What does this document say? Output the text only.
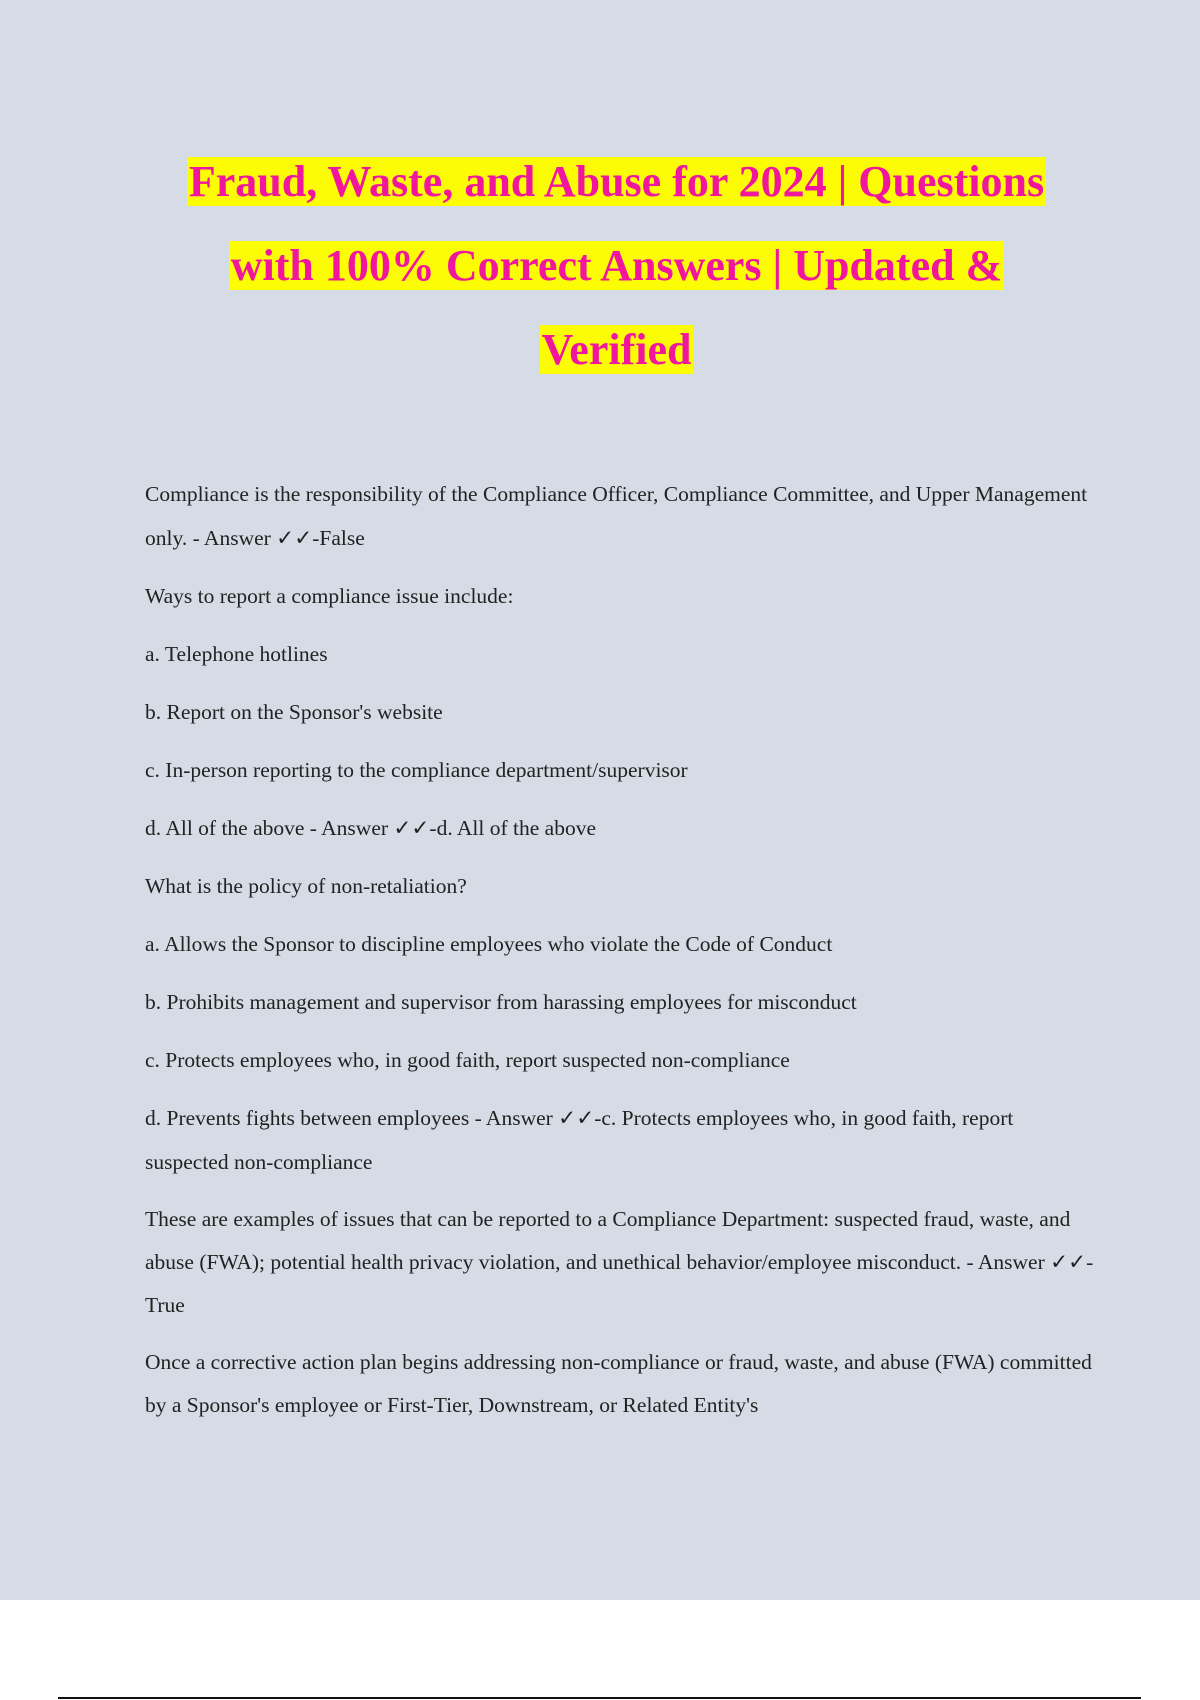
Fraud, Waste, and Abuse for 2024 | Questions
with 100% Correct Answers | Updated &
Verified

Compliance is the responsibility of the Compliance Officer, Compliance Committee, and Upper Management only. - Answer ✓✓-False

Ways to report a compliance issue include:

a. Telephone hotlines

b. Report on the Sponsor's website

c. In-person reporting to the compliance department/supervisor

d. All of the above - Answer ✓✓-d. All of the above

What is the policy of non-retaliation?

a. Allows the Sponsor to discipline employees who violate the Code of Conduct

b. Prohibits management and supervisor from harassing employees for misconduct

c. Protects employees who, in good faith, report suspected non-compliance

d. Prevents fights between employees - Answer ✓✓-c. Protects employees who, in good faith, report suspected non-compliance

These are examples of issues that can be reported to a Compliance Department: suspected fraud, waste, and abuse (FWA); potential health privacy violation, and unethical behavior/employee misconduct. - Answer ✓✓-True

Once a corrective action plan begins addressing non-compliance or fraud, waste, and abuse (FWA) committed by a Sponsor's employee or First-Tier, Downstream, or Related Entity's
